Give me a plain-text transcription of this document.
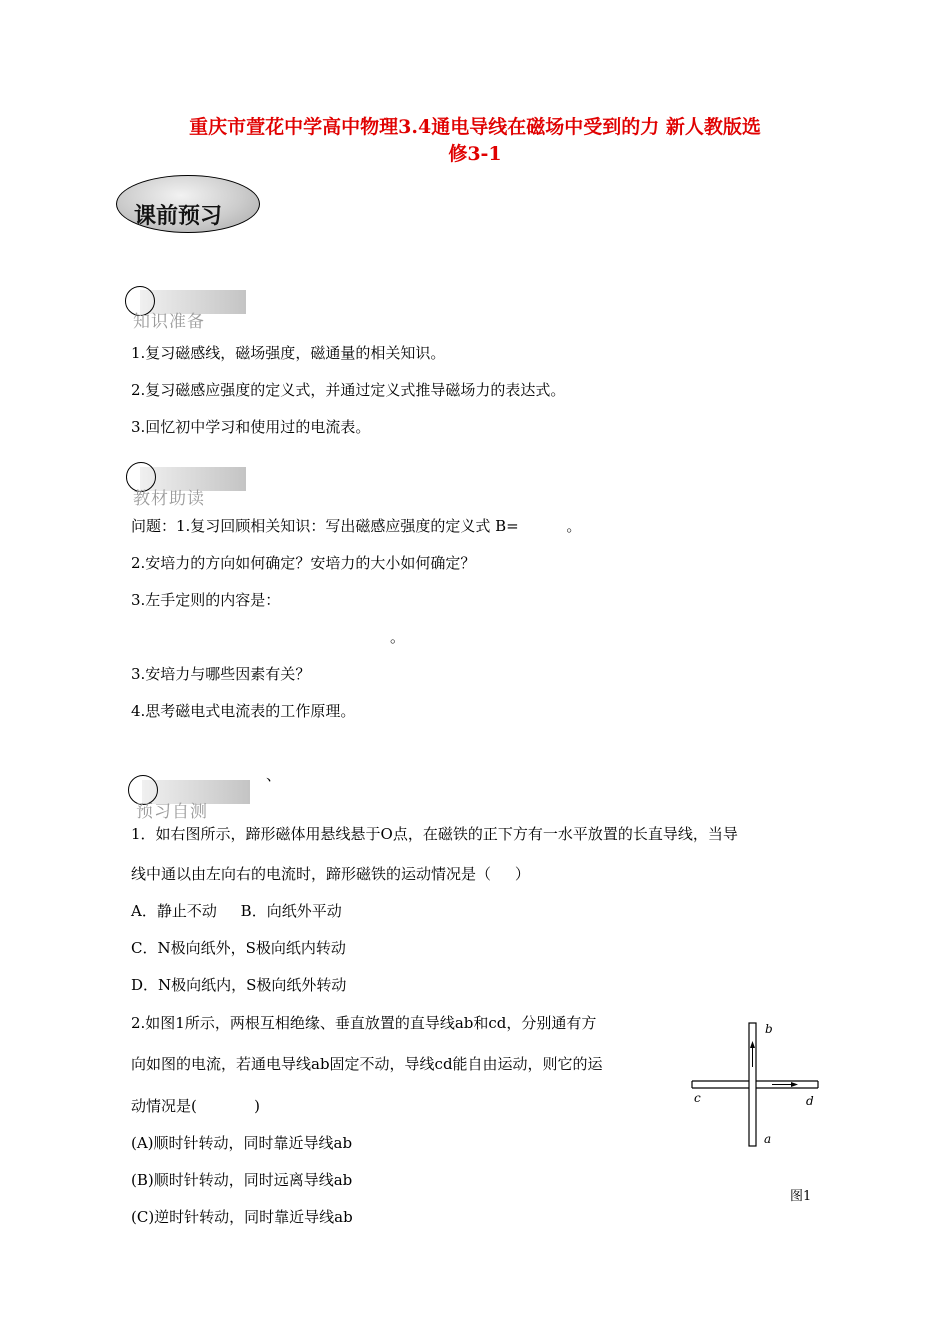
重庆市萱花中学高中物理3.4通电导线在磁场中受到的力 新人教版选
修3-1
课前预习
知识准备
1.复习磁感线，磁场强度，磁通量的相关知识。
2.复习磁感应强度的定义式，并通过定义式推导磁场力的表达式。
3.回忆初中学习和使用过的电流表。
教材助读
问题：1.复习回顾相关知识：写出磁感应强度的定义式 B=          。
2.安培力的方向如何确定？安培力的大小如何确定？
3.左手定则的内容是：
。
3.安培力与哪些因素有关？
4.思考磁电式电流表的工作原理。
、
预习自测
1．如右图所示，蹄形磁体用悬线悬于O点，在磁铁的正下方有一水平放置的长直导线，当导
线中通以由左向右的电流时，蹄形磁铁的运动情况是（     ）
A．静止不动     B．向纸外平动
C．N极向纸外，S极向纸内转动
D．N极向纸内，S极向纸外转动
2.如图1所示，两根互相绝缘、垂直放置的直导线ab和cd，分别通有方
向如图的电流，若通电导线ab固定不动，导线cd能自由运动，则它的运
动情况是(            )
(A)顺时针转动，同时靠近导线ab
(B)顺时针转动，同时远离导线ab
(C)逆时针转动，同时靠近导线ab
b
a
c	d
图1
